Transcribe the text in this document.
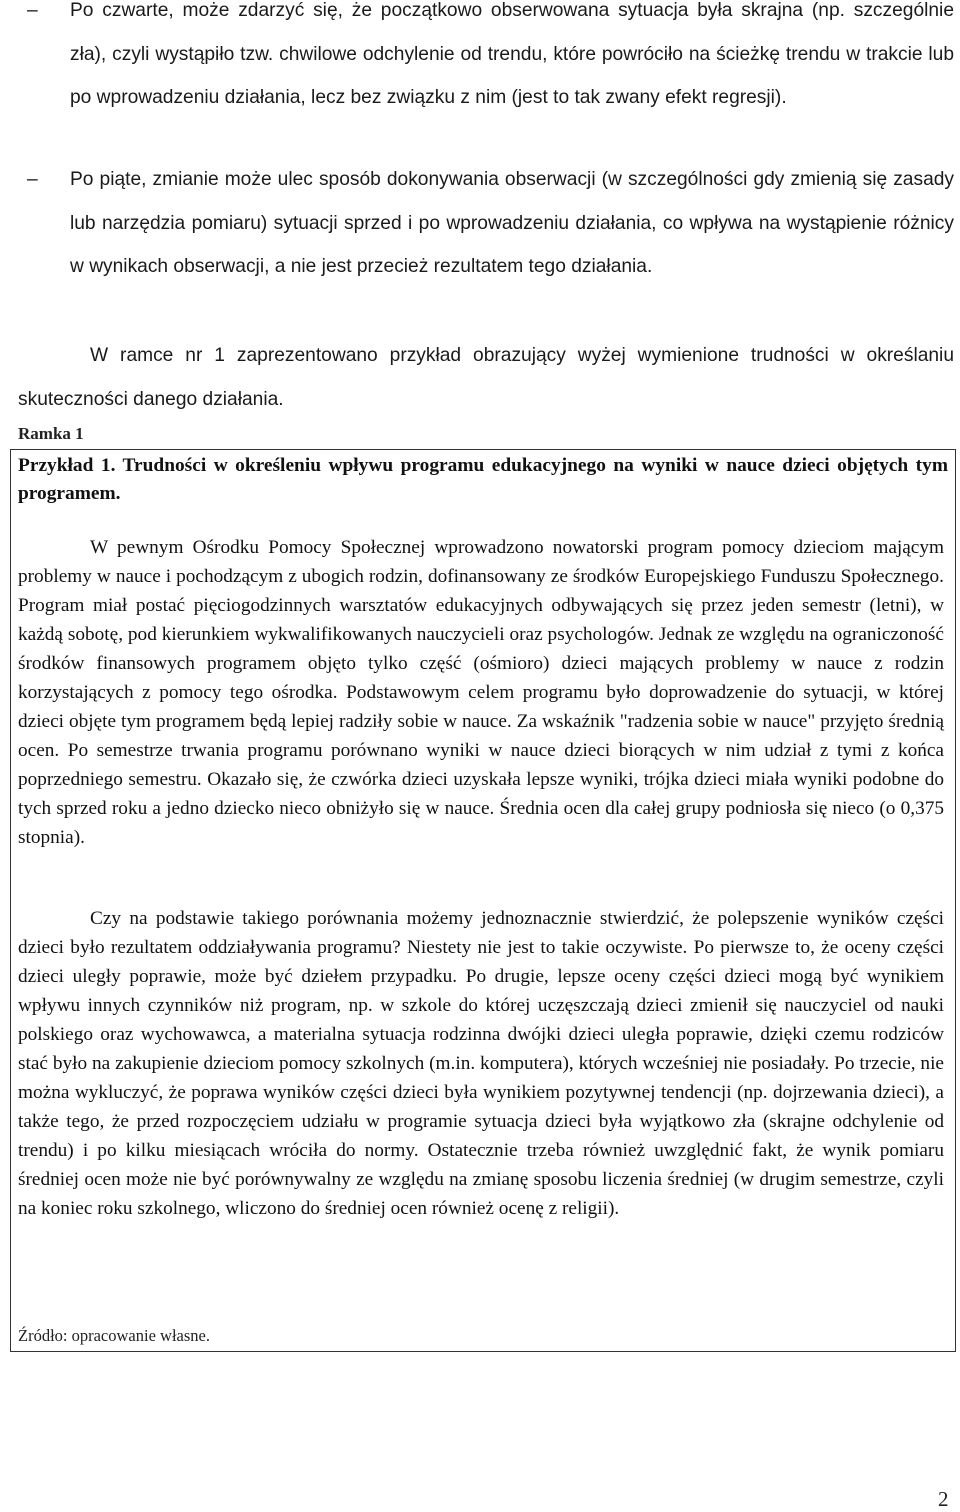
– Po czwarte, może zdarzyć się, że początkowo obserwowana sytuacja była skrajna (np. szczególnie zła), czyli wystąpiło tzw. chwilowe odchylenie od trendu, które powróciło na ścieżkę trendu w trakcie lub po wprowadzeniu działania, lecz bez związku z nim (jest to tak zwany efekt regresji).
– Po piąte, zmianie może ulec sposób dokonywania obserwacji (w szczególności gdy zmienią się zasady lub narzędzia pomiaru) sytuacji sprzed i po wprowadzeniu działania, co wpływa na wystąpienie różnicy w wynikach obserwacji, a nie jest przecież rezultatem tego działania.
W ramce nr 1 zaprezentowano przykład obrazujący wyżej wymienione trudności w określaniu skuteczności danego działania.
Ramka 1
Przykład 1. Trudności w określeniu wpływu programu edukacyjnego na wyniki w nauce dzieci objętych tym programem.
W pewnym Ośrodku Pomocy Społecznej wprowadzono nowatorski program pomocy dzieciom mającym problemy w nauce i pochodzącym z ubogich rodzin, dofinansowany ze środków Europejskiego Funduszu Społecznego. Program miał postać pięciogodzinnych warsztatów edukacyjnych odbywających się przez jeden semestr (letni), w każdą sobotę, pod kierunkiem wykwalifikowanych nauczycieli oraz psychologów. Jednak ze względu na ograniczoność środków finansowych programem objęto tylko część (ośmioro) dzieci mających problemy w nauce z rodzin korzystających z pomocy tego ośrodka. Podstawowym celem programu było doprowadzenie do sytuacji, w której dzieci objęte tym programem będą lepiej radziły sobie w nauce. Za wskaźnik "radzenia sobie w nauce" przyjęto średnią ocen. Po semestrze trwania programu porównano wyniki w nauce dzieci biorących w nim udział z tymi z końca poprzedniego semestru. Okazało się, że czwórka dzieci uzyskała lepsze wyniki, trójka dzieci miała wyniki podobne do tych sprzed roku a jedno dziecko nieco obniżyło się w nauce. Średnia ocen dla całej grupy podniosła się nieco (o 0,375 stopnia).
Czy na podstawie takiego porównania możemy jednoznacznie stwierdzić, że polepszenie wyników części dzieci było rezultatem oddziaływania programu? Niestety nie jest to takie oczywiste. Po pierwsze to, że oceny części dzieci uległy poprawie, może być dziełem przypadku. Po drugie, lepsze oceny części dzieci mogą być wynikiem wpływu innych czynników niż program, np. w szkole do której uczęszczają dzieci zmienił się nauczyciel od nauki polskiego oraz wychowawca, a materialna sytuacja rodzinna dwójki dzieci uległa poprawie, dzięki czemu rodziców stać było na zakupienie dzieciom pomocy szkolnych (m.in. komputera), których wcześniej nie posiadały. Po trzecie, nie można wykluczyć, że poprawa wyników części dzieci była wynikiem pozytywnej tendencji (np. dojrzewania dzieci), a także tego, że przed rozpoczęciem udziału w programie sytuacja dzieci była wyjątkowo zła (skrajne odchylenie od trendu) i po kilku miesiącach wróciła do normy. Ostatecznie trzeba również uwzględnić fakt, że wynik pomiaru średniej ocen może nie być porównywalny ze względu na zmianę sposobu liczenia średniej (w drugim semestrze, czyli na koniec roku szkolnego, wliczono do średniej ocen również ocenę z religii).
Źródło: opracowanie własne.
2
